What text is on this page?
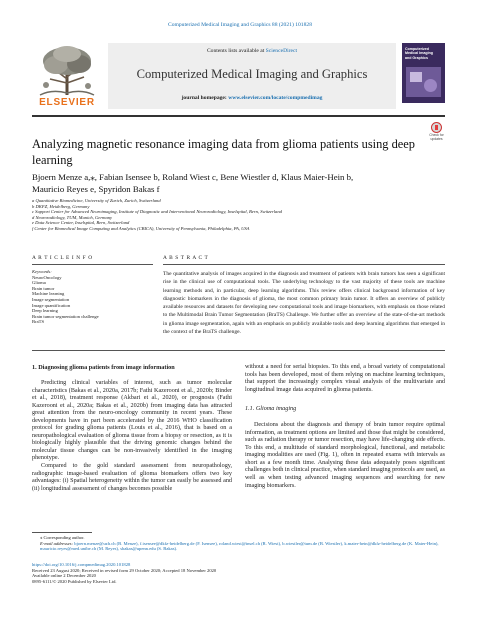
Computerized Medical Imaging and Graphics 88 (2021) 101828
ELSEVIER
Contents lists available at ScienceDirect
Computerized Medical Imaging and Graphics
journal homepage: www.elsevier.com/locate/compmedimag
Computerized
Medical Imaging
and Graphics
Check for
updates
Analyzing magnetic resonance imaging data from glioma patients using deep learning
Bjoern Menze a,⁎, Fabian Isensee b, Roland Wiest c, Bene Wiestler d, Klaus Maier-Hein b,
Mauricio Reyes e, Spyridon Bakas f
a Quantitative Biomedicine, University of Zurich, Zurich, Switzerland
b DKFZ, Heidelberg, Germany
c Support Center for Advanced Neuroimaging, Institute of Diagnostic and Interventional Neuroradiology, Inselspital, Bern, Switzerland
d Neuroradiology, TUM, Munich, Germany
e Data Science Center, Inselspital, Bern, Switzerland
f Center for Biomedical Image Computing and Analytics (CBICA), University of Pennsylvania, Philadelphia, PA, USA
A R T I C L E I N F O	A B S T R A C T
Keywords:
NeuroOncology
Glioma
Brain tumor
Machine learning
Image segmentation
Image quantification
Deep learning
Brain tumor segmentation challenge
BraTS
The quantitative analysis of images acquired in the diagnosis and treatment of patients with brain tumors has seen a significant rise in the clinical use of computational tools. The underlying technology to the vast majority of these tools are machine learning methods and, in particular, deep learning algorithms. This review offers clinical background information of key diagnostic biomarkers in the diagnosis of glioma, the most common primary brain tumor. It offers an overview of publicly available resources and datasets for developing new computational tools and image biomarkers, with emphasis on those related to the Multimodal Brain Tumor Segmentation (BraTS) Challenge. We further offer an overview of the state-of-the-art methods in glioma image segmentation, again with an emphasis on publicly available tools and deep learning algorithms that emerged in the context of the BraTS challenge.
1. Diagnosing glioma patients from image information

Predicting clinical variables of interest, such as tumor molecular characteristics (Bakas et al., 2020a, 2017b; Fathi Kazerooni et al., 2020b; Binder et al., 2018), treatment response (Akbari et al., 2020), or prognosis (Fathi Kazerooni et al., 2020a; Bakas et al., 2020b) from imaging data has attracted great attention from the neuro-oncology community in recent years. These developments have in part been accelerated by the 2016 WHO classification protocol for grading glioma patients (Louis et al., 2016), that is based on a neuropathological evaluation of glioma tissue from a biopsy or resection, as it is biologically highly plausible that the driving genomic changes behind the molecular tissue changes can be non-invasively identified in the imaging phenotype.

Compared to the gold standard assessment from neuropathology, radiographic image-based evaluation of glioma biomarkers offers two key advantages: (i) Spatial heterogeneity within the tumor can easily be assessed and (ii) longitudinal assessment of changes becomes possible

without a need for serial biopsies. To this end, a broad variety of computational tools has been developed, most of them relying on machine learning techniques, that support the increasingly complex visual analysis of the multivariate and longitudinal image data acquired in glioma patients.

1.1. Glioma imaging

Decisions about the diagnosis and therapy of brain tumor require optimal information, as treatment options are limited and those that might be considered, such as radiation therapy or tumor resection, may have life-changing side effects. To this end, a multitude of standard morphological, functional, and metabolic imaging modalities are used (Fig. 1), often in repeated exams with intervals as short as a few month time. Analysing these data adequately poses significant challenges both in clinical practice, when standard imaging protocols are used, as well as when testing advanced imaging sequences and searching for new imaging biomarkers.

⁎ Corresponding author.
E-mail addresses: bjoern.menze@uzh.ch (B. Menze), f.isensee@dkfz-heidelberg.de (F. Isensee), roland.wiest@insel.ch (R. Wiest), b.wiestler@tum.de (B. Wiestler), k.maier-hein@dkfz-heidelberg.de (K. Maier-Hein), mauricio.reyes@med.unibe.ch (M. Reyes), sbakas@upenn.edu (S. Bakas).
https://doi.org/10.1016/j.compmedimag.2020.101828
Received 23 August 2020; Received in revised form 29 October 2020; Accepted 18 November 2020
Available online 2 December 2020
0895-6111/© 2020 Published by Elsevier Ltd.
